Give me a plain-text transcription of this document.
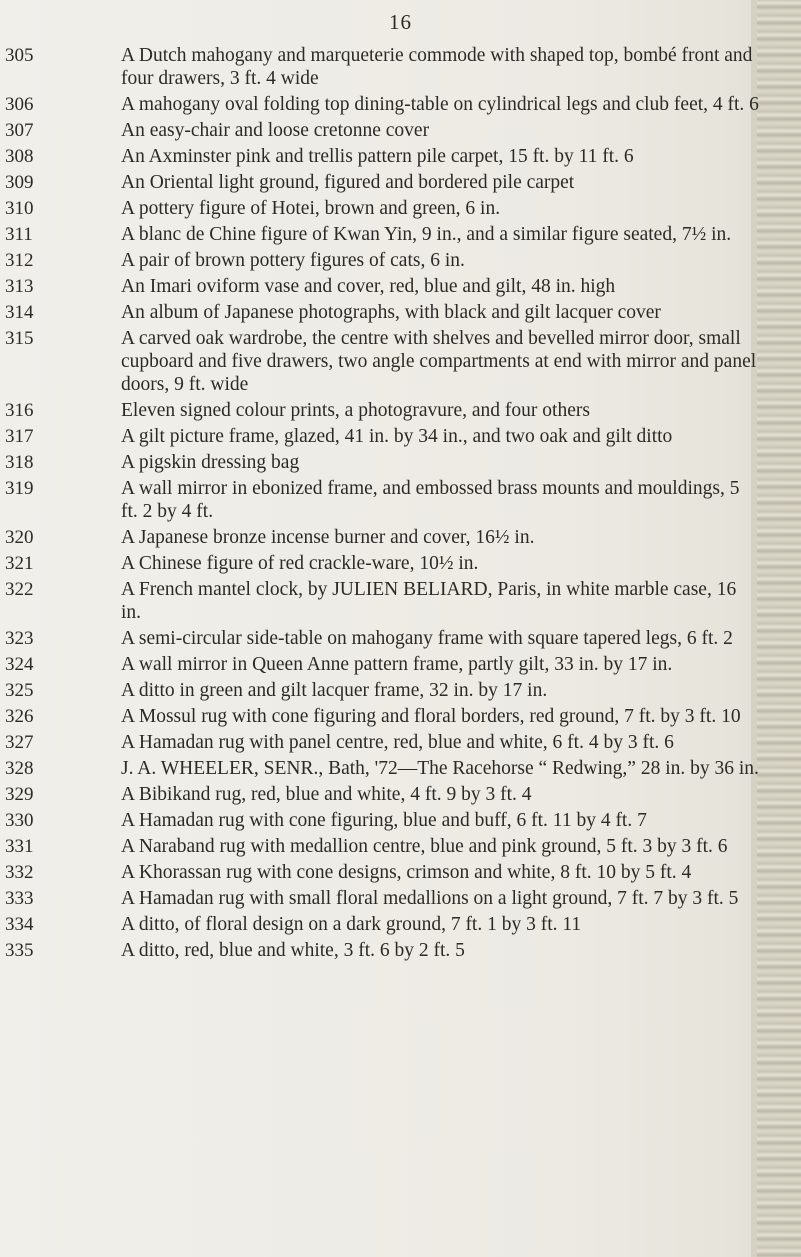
16
305	A Dutch mahogany and marqueterie commode with shaped top, bombé front and four drawers, 3 ft. 4 wide
306	A mahogany oval folding top dining-table on cylindrical legs and club feet, 4 ft. 6
307	An easy-chair and loose cretonne cover
308	An Axminster pink and trellis pattern pile carpet, 15 ft. by 11 ft. 6
309	An Oriental light ground, figured and bordered pile carpet
310	A pottery figure of Hotei, brown and green, 6 in.
311	A blanc de Chine figure of Kwan Yin, 9 in., and a similar figure seated, 7½ in.
312	A pair of brown pottery figures of cats, 6 in.
313	An Imari oviform vase and cover, red, blue and gilt, 48 in. high
314	An album of Japanese photographs, with black and gilt lacquer cover
315	A carved oak wardrobe, the centre with shelves and bevelled mirror door, small cupboard and five drawers, two angle compartments at end with mirror and panel doors, 9 ft. wide
316	Eleven signed colour prints, a photogravure, and four others
317	A gilt picture frame, glazed, 41 in. by 34 in., and two oak and gilt ditto
318	A pigskin dressing bag
319	A wall mirror in ebonized frame, and embossed brass mounts and mouldings, 5 ft. 2 by 4 ft.
320	A Japanese bronze incense burner and cover, 16½ in.
321	A Chinese figure of red crackle-ware, 10½ in.
322	A French mantel clock, by JULIEN BELIARD, Paris, in white marble case, 16 in.
323	A semi-circular side-table on mahogany frame with square tapered legs, 6 ft. 2
324	A wall mirror in Queen Anne pattern frame, partly gilt, 33 in. by 17 in.
325	A ditto in green and gilt lacquer frame, 32 in. by 17 in.
326	A Mossul rug with cone figuring and floral borders, red ground, 7 ft. by 3 ft. 10
327	A Hamadan rug with panel centre, red, blue and white, 6 ft. 4 by 3 ft. 6
328	J. A. WHEELER, SENR., Bath, '72—The Racehorse “ Redwing,” 28 in. by 36 in.
329	A Bibikand rug, red, blue and white, 4 ft. 9 by 3 ft. 4
330	A Hamadan rug with cone figuring, blue and buff, 6 ft. 11 by 4 ft. 7
331	A Naraband rug with medallion centre, blue and pink ground, 5 ft. 3 by 3 ft. 6
332	A Khorassan rug with cone designs, crimson and white, 8 ft. 10 by 5 ft. 4
333	A Hamadan rug with small floral medallions on a light ground, 7 ft. 7 by 3 ft. 5
334	A ditto, of floral design on a dark ground, 7 ft. 1 by 3 ft. 11
335	A ditto, red, blue and white, 3 ft. 6 by 2 ft. 5
